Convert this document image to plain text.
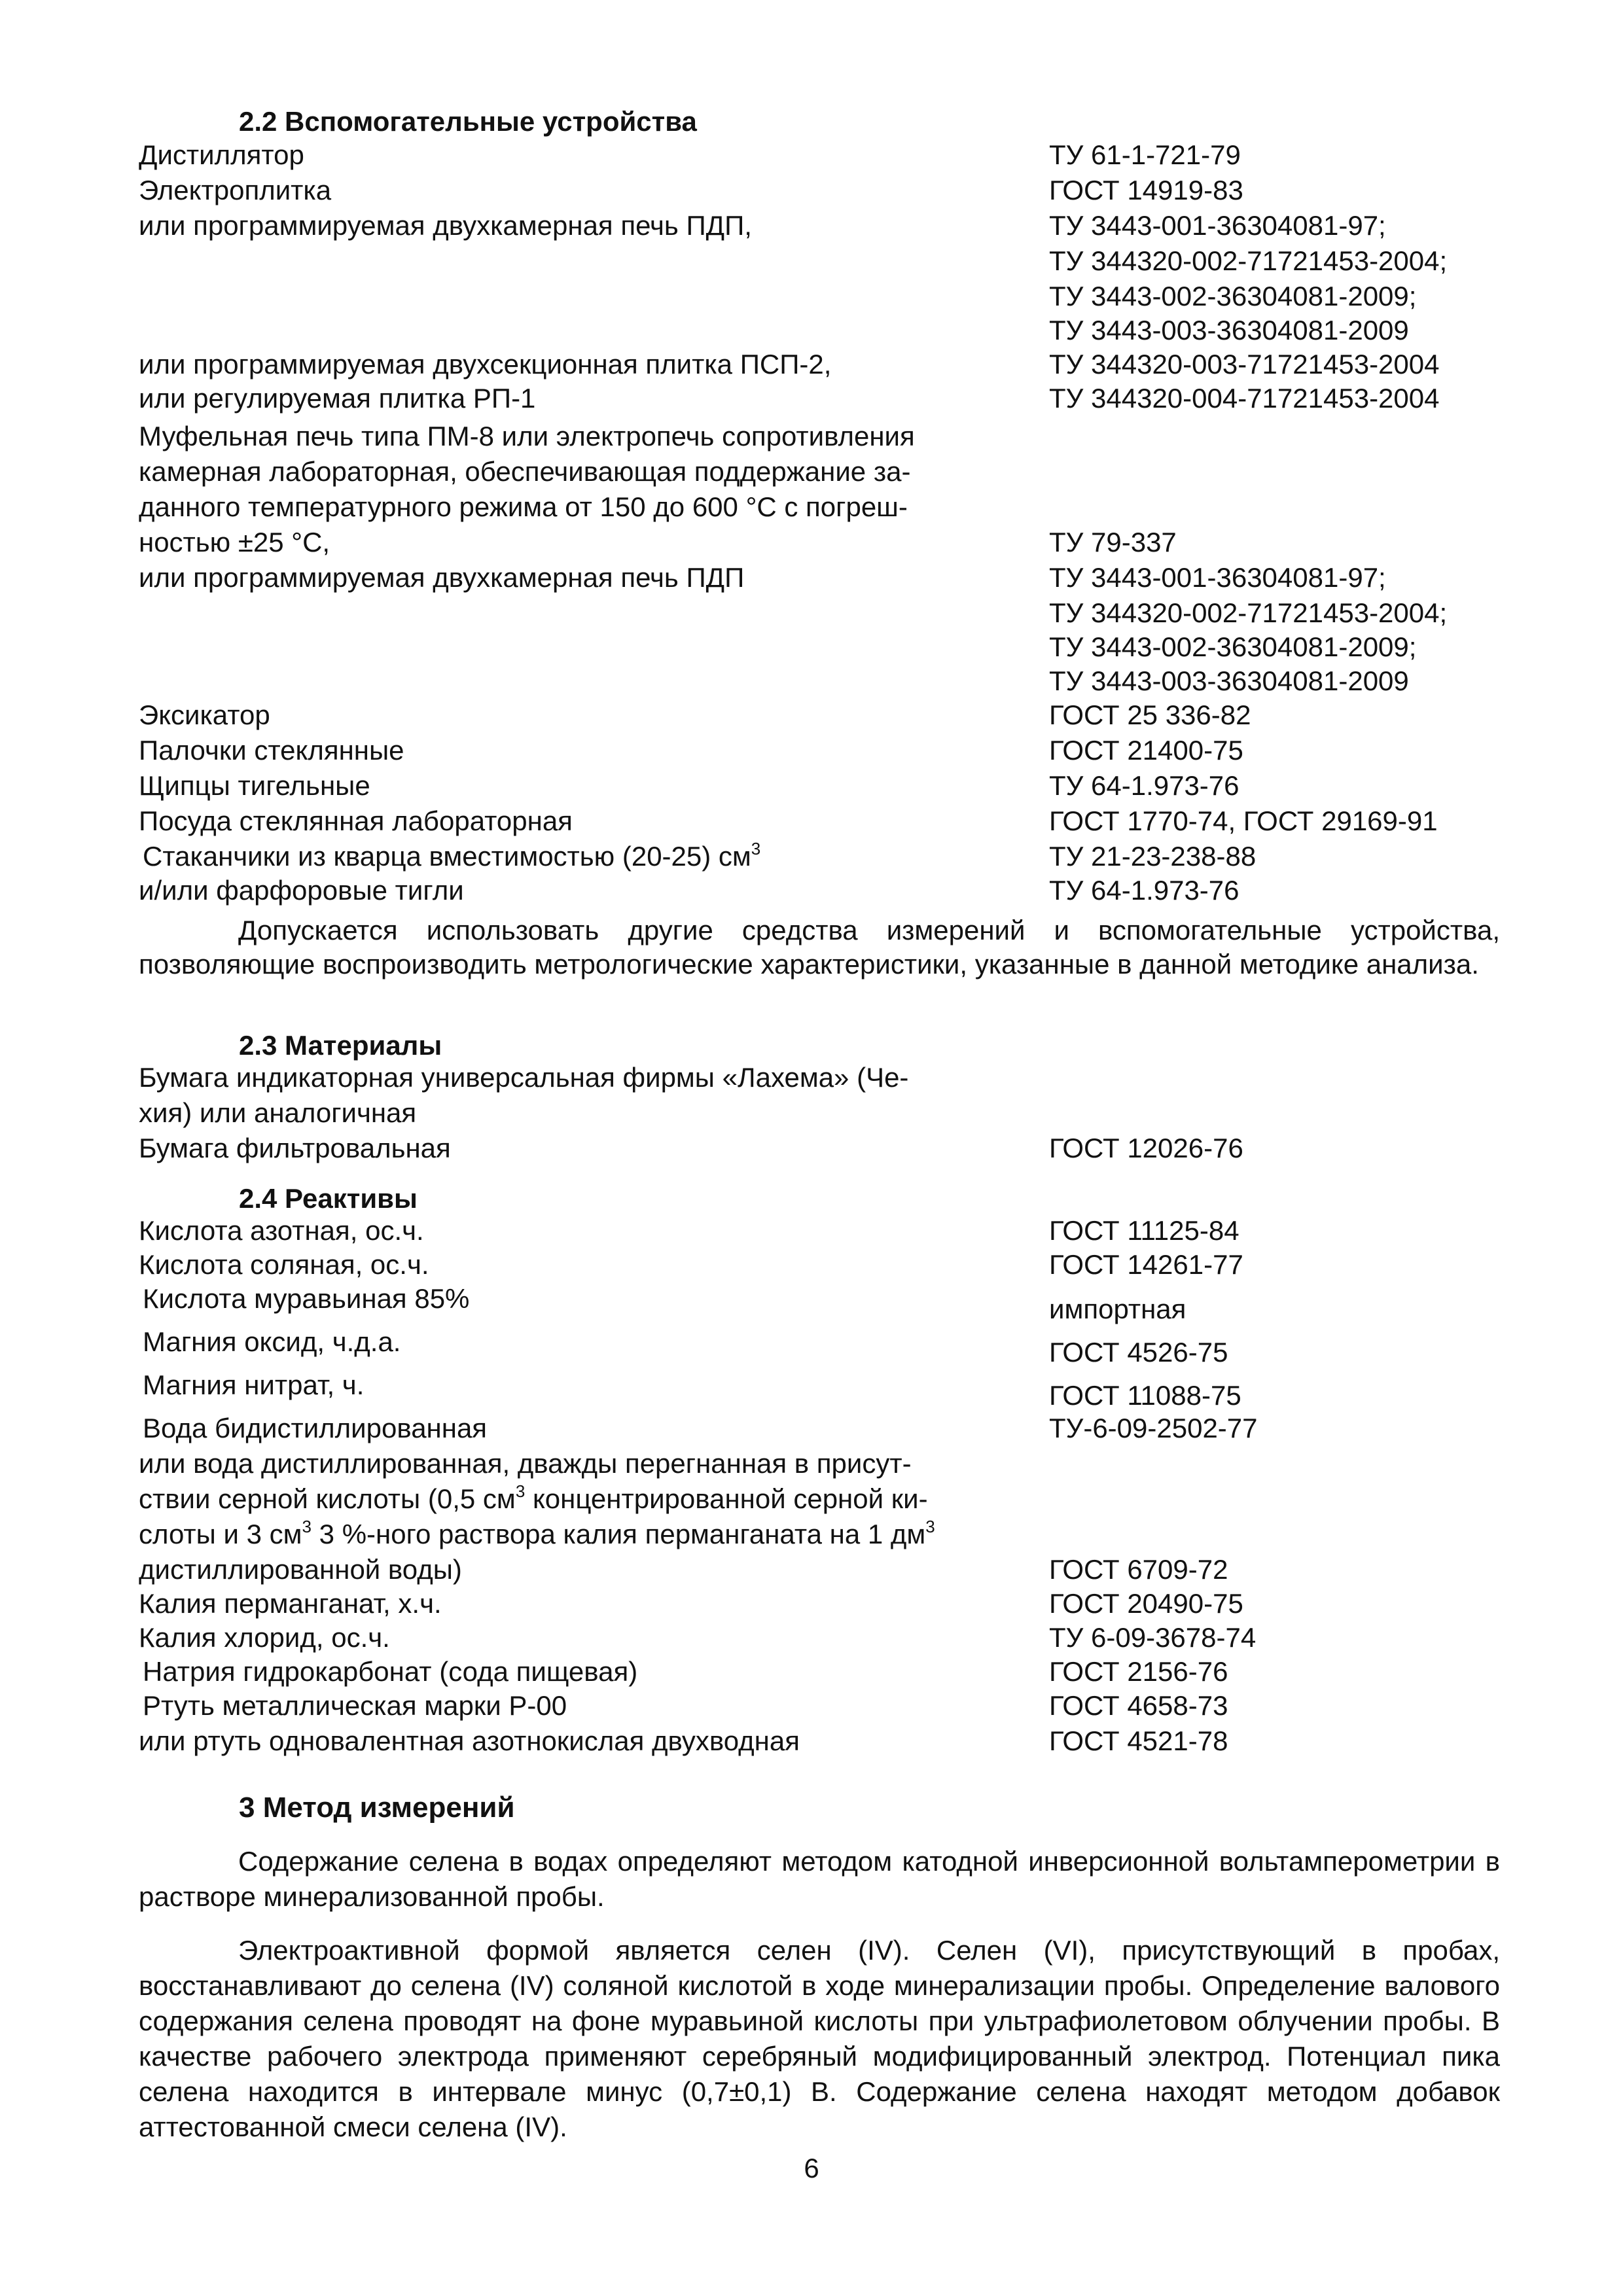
2.2 Вспомогательные устройства
Дистиллятор	ТУ 61-1-721-79
Электроплитка	ГОСТ 14919-83
или программируемая двухкамерная печь ПДП,	ТУ 3443-001-36304081-97;
ТУ 344320-002-71721453-2004;
ТУ 3443-002-36304081-2009;
ТУ 3443-003-36304081-2009
или программируемая двухсекционная плитка ПСП-2,	ТУ 344320-003-71721453-2004
или регулируемая плитка РП-1	ТУ 344320-004-71721453-2004
Муфельная печь типа ПМ-8 или электропечь сопротивления
камерная лабораторная, обеспечивающая поддержание за-
данного температурного режима от 150 до 600 °С с погреш-
ностью ±25 °С,	ТУ 79-337
или программируемая двухкамерная печь ПДП	ТУ 3443-001-36304081-97;
ТУ 344320-002-71721453-2004;
ТУ 3443-002-36304081-2009;
ТУ 3443-003-36304081-2009
Эксикатор	ГОСТ 25 336-82
Палочки стеклянные	ГОСТ 21400-75
Щипцы тигельные	ТУ 64-1.973-76
Посуда стеклянная лабораторная	ГОСТ 1770-74, ГОСТ 29169-91
Стаканчики из кварца вместимостью (20-25) $см^3$	ТУ 21-23-238-88
и/или фарфоровые тигли	ТУ 64-1.973-76
Допускается использовать другие средства измерений и вспомогательные устройства, позволяющие воспроизводить метрологические характеристики, указанные в данной методике анализа.
2.3 Материалы
Бумага индикаторная универсальная фирмы «Лахема» (Че-
хия) или аналогичная
Бумага фильтровальная	ГОСТ 12026-76
2.4 Реактивы
Кислота азотная, ос.ч.	ГОСТ 11125-84
Кислота соляная, ос.ч.	ГОСТ 14261-77
Кислота муравьиная 85%	импортная
Магния оксид, ч.д.а.	ГОСТ 4526-75
Магния нитрат, ч.	ГОСТ 11088-75
Вода бидистиллированная	ТУ-6-09-2502-77
или вода дистиллированная, дважды перегнанная в присут-
ствии серной кислоты (0,5 $см^3$ концентрированной серной ки-
слоты и 3 $см^3$ 3 %-ного раствора калия перманганата на 1 $дм^3$
дистиллированной воды)	ГОСТ 6709-72
Калия перманганат, х.ч.	ГОСТ 20490-75
Калия хлорид, ос.ч.	ТУ 6-09-3678-74
Натрия гидрокарбонат (сода пищевая)	ГОСТ 2156-76
Ртуть металлическая марки Р-00	ГОСТ 4658-73
или ртуть одновалентная азотнокислая двухводная	ГОСТ 4521-78
3 Метод измерений
Содержание селена в водах определяют методом катодной инверсионной вольтамперометрии в растворе минерализованной пробы.
Электроактивной формой является селен (IV). Селен (VI), присутствующий в пробах, восстанавливают до селена (IV) соляной кислотой в ходе минерализации пробы. Определение валового содержания селена проводят на фоне муравьиной кислоты при ультрафиолетовом облучении пробы. В качестве рабочего электрода применяют серебряный модифицированный электрод. Потенциал пика селена находится в интервале минус (0,7±0,1) В. Содержание селена находят методом добавок аттестованной смеси селена (IV).
6
